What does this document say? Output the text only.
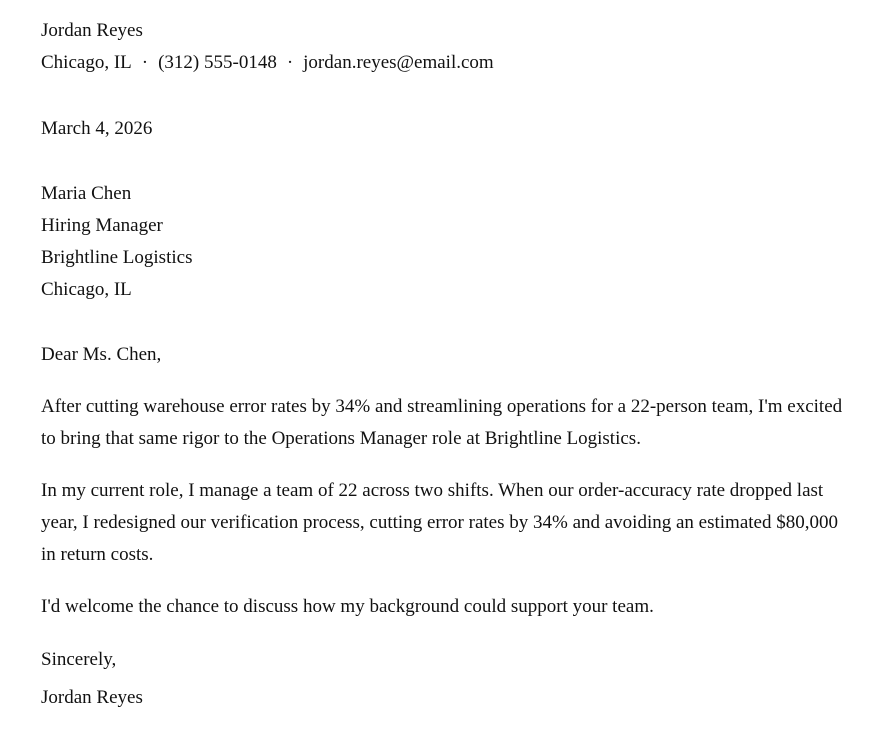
Jordan Reyes
Chicago, IL · (312) 555-0148 · jordan.reyes@email.com
March 4, 2026
Maria Chen
Hiring Manager
Brightline Logistics
Chicago, IL
Dear Ms. Chen,
After cutting warehouse error rates by 34% and streamlining operations for a 22-person team, I'm excited to bring that same rigor to the Operations Manager role at Brightline Logistics.
In my current role, I manage a team of 22 across two shifts. When our order-accuracy rate dropped last year, I redesigned our verification process, cutting error rates by 34% and avoiding an estimated $80,000 in return costs.
I'd welcome the chance to discuss how my background could support your team.
Sincerely,
Jordan Reyes
